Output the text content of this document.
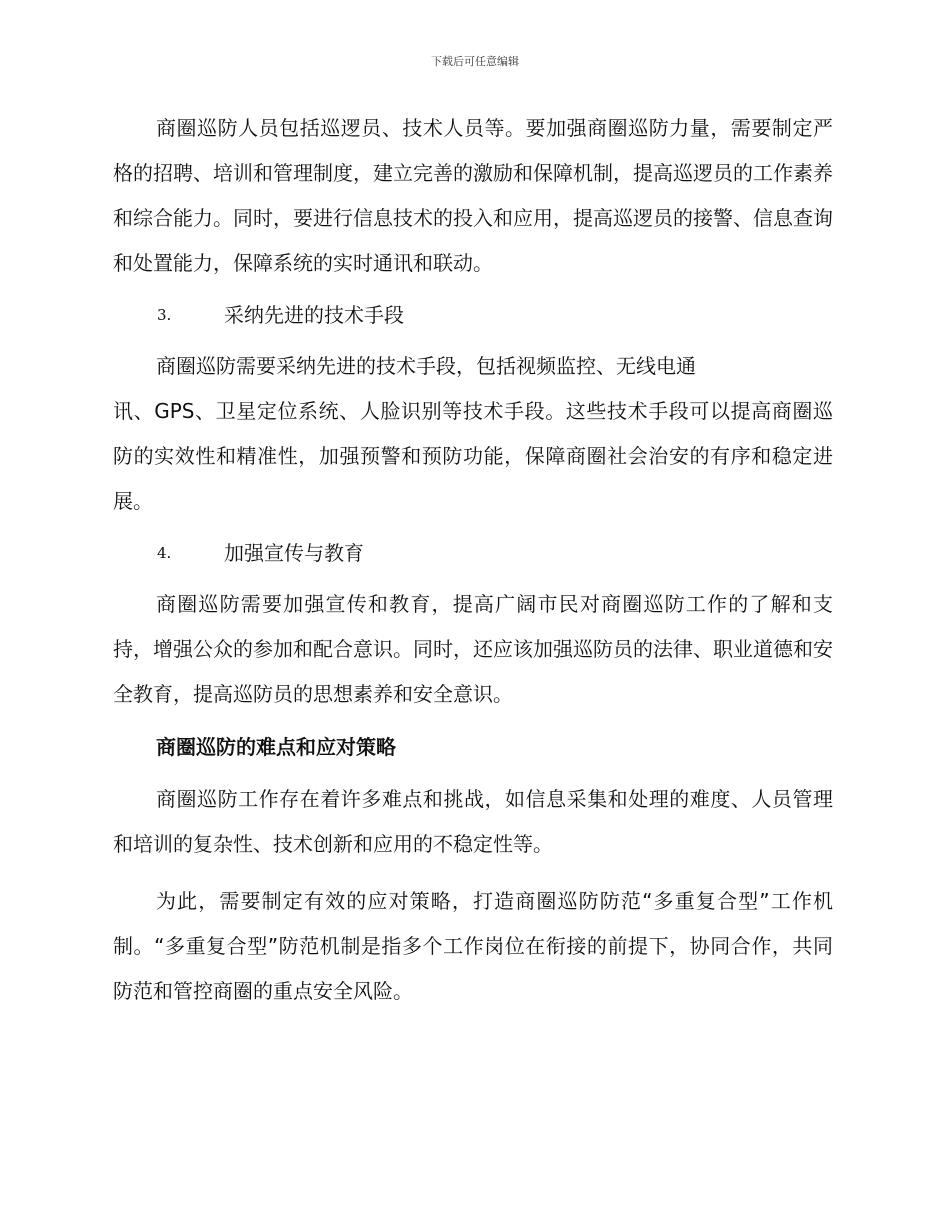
下载后可任意编辑

商圈巡防人员包括巡逻员、技术人员等。要加强商圈巡防力量，需要制定严格的招聘、培训和管理制度，建立完善的激励和保障机制，提高巡逻员的工作素养和综合能力。同时，要进行信息技术的投入和应用，提高巡逻员的接警、信息查询和处置能力，保障系统的实时通讯和联动。

3.	采纳先进的技术手段

商圈巡防需要采纳先进的技术手段，包括视频监控、无线电通

讯、GPS、卫星定位系统、人脸识别等技术手段。这些技术手段可以提高商圈巡防的实效性和精准性，加强预警和预防功能，保障商圈社会治安的有序和稳定进展。

4.	加强宣传与教育

商圈巡防需要加强宣传和教育，提高广阔市民对商圈巡防工作的了解和支持，增强公众的参加和配合意识。同时，还应该加强巡防员的法律、职业道德和安全教育，提高巡防员的思想素养和安全意识。

商圈巡防的难点和应对策略

商圈巡防工作存在着许多难点和挑战，如信息采集和处理的难度、人员管理和培训的复杂性、技术创新和应用的不稳定性等。

为此，需要制定有效的应对策略，打造商圈巡防防范“多重复合型”工作机制。“多重复合型”防范机制是指多个工作岗位在衔接的前提下，协同合作，共同防范和管控商圈的重点安全风险。
